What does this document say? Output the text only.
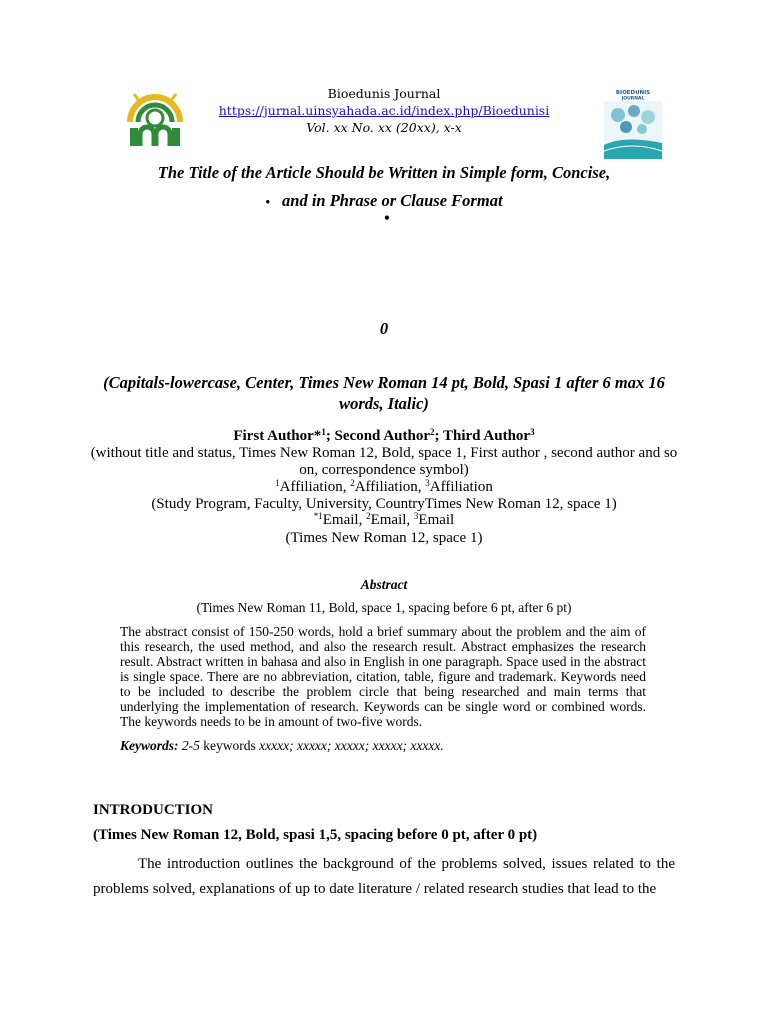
Bioedunis Journal
https://jurnal.uinsyahada.ac.id/index.php/Bioedunisi
Vol. xx No. xx (20xx), x-x
BIOEDUNIS
JOURNAL
The Title of the Article Should be Written in Simple form, Concise,
• and in Phrase or Clause Format
•
0
(Capitals-lowercase, Center, Times New Roman 14 pt, Bold, Spasi 1 after 6 max 16 words, Italic)
First Author*$^1$; Second Author$^2$; Third Author$^3$
(without title and status, Times New Roman 12, Bold, space 1, First author , second author and so on, correspondence symbol)
$^1$Affiliation, $^2$Affiliation, $^3$Affiliation
(Study Program, Faculty, University, CountryTimes New Roman 12, space 1)
$^{*1}$Email, $^2$Email, $^3$Email
(Times New Roman 12, space 1)
Abstract
(Times New Roman 11, Bold, space 1, spacing before 6 pt, after 6 pt)
The abstract consist of 150-250 words, hold a brief summary about the problem and the aim of this research, the used method, and also the research result. Abstract emphasizes the research result. Abstract written in bahasa and also in English in one paragraph. Space used in the abstract is single space. There are no abbreviation, citation, table, figure and trademark. Keywords need to be included to describe the problem circle that being researched and main terms that underlying the implementation of research. Keywords can be single word or combined words. The keywords needs to be in amount of two-five words.
Keywords: 2-5 keywords xxxxx; xxxxx; xxxxx; xxxxx; xxxxx.
INTRODUCTION
(Times New Roman 12, Bold, spasi 1,5, spacing before 0 pt, after 0 pt)
The introduction outlines the background of the problems solved, issues related to the problems solved, explanations of up to date literature / related research studies that lead to the
